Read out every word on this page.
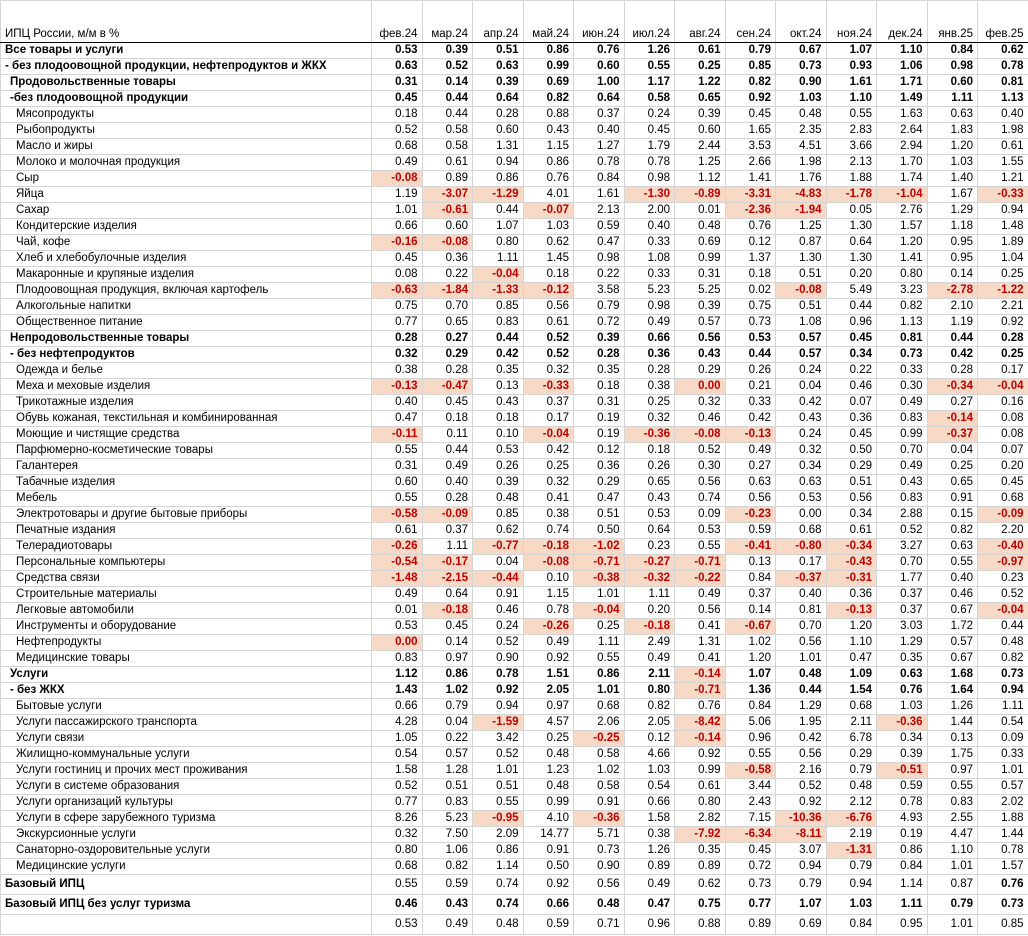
ИПЦ России, м/м в %	фев.24	мар.24	апр.24	май.24	июн.24	июл.24	авг.24	сен.24	окт.24	ноя.24	дек.24	янв.25	фев.25
Все товары и услуги	0.53	0.39	0.51	0.86	0.76	1.26	0.61	0.79	0.67	1.07	1.10	0.84	0.62
- без плодоовощной продукции, нефтепродуктов и ЖКХ	0.63	0.52	0.63	0.99	0.60	0.55	0.25	0.85	0.73	0.93	1.06	0.98	0.78
Продовольственные товары	0.31	0.14	0.39	0.69	1.00	1.17	1.22	0.82	0.90	1.61	1.71	0.60	0.81
-без плодоовощной продукции	0.45	0.44	0.64	0.82	0.64	0.58	0.65	0.92	1.03	1.10	1.49	1.11	1.13
Мясопродукты	0.18	0.44	0.28	0.88	0.37	0.24	0.39	0.45	0.48	0.55	1.63	0.63	0.40
Рыбопродукты	0.52	0.58	0.60	0.43	0.40	0.45	0.60	1.65	2.35	2.83	2.64	1.83	1.98
Масло и жиры	0.68	0.58	1.31	1.15	1.27	1.79	2.44	3.53	4.51	3.66	2.94	1.20	0.61
Молоко и молочная продукция	0.49	0.61	0.94	0.86	0.78	0.78	1.25	2.66	1.98	2.13	1.70	1.03	1.55
Сыр	-0.08	0.89	0.86	0.76	0.84	0.98	1.12	1.41	1.76	1.88	1.74	1.40	1.21
Яйца	1.19	-3.07	-1.29	4.01	1.61	-1.30	-0.89	-3.31	-4.83	-1.78	-1.04	1.67	-0.33
Сахар	1.01	-0.61	0.44	-0.07	2.13	2.00	0.01	-2.36	-1.94	0.05	2.76	1.29	0.94
Кондитерские изделия	0.66	0.60	1.07	1.03	0.59	0.40	0.48	0.76	1.25	1.30	1.57	1.18	1.48
Чай, кофе	-0.16	-0.08	0.80	0.62	0.47	0.33	0.69	0.12	0.87	0.64	1.20	0.95	1.89
Хлеб и хлебобулочные изделия	0.45	0.36	1.11	1.45	0.98	1.08	0.99	1.37	1.30	1.30	1.41	0.95	1.04
Макаронные и крупяные изделия	0.08	0.22	-0.04	0.18	0.22	0.33	0.31	0.18	0.51	0.20	0.80	0.14	0.25
Плодоовощная продукция, включая картофель	-0.63	-1.84	-1.33	-0.12	3.58	5.23	5.25	0.02	-0.08	5.49	3.23	-2.78	-1.22
Алкогольные напитки	0.75	0.70	0.85	0.56	0.79	0.98	0.39	0.75	0.51	0.44	0.82	2.10	2.21
Общественное питание	0.77	0.65	0.83	0.61	0.72	0.49	0.57	0.73	1.08	0.96	1.13	1.19	0.92
Непродовольственные товары	0.28	0.27	0.44	0.52	0.39	0.66	0.56	0.53	0.57	0.45	0.81	0.44	0.28
- без нефтепродуктов	0.32	0.29	0.42	0.52	0.28	0.36	0.43	0.44	0.57	0.34	0.73	0.42	0.25
Одежда и белье	0.38	0.28	0.35	0.32	0.35	0.28	0.29	0.26	0.24	0.22	0.33	0.28	0.17
Меха и меховые изделия	-0.13	-0.47	0.13	-0.33	0.18	0.38	0.00	0.21	0.04	0.46	0.30	-0.34	-0.04
Трикотажные изделия	0.40	0.45	0.43	0.37	0.31	0.25	0.32	0.33	0.42	0.07	0.49	0.27	0.16
Обувь кожаная, текстильная и комбинированная	0.47	0.18	0.18	0.17	0.19	0.32	0.46	0.42	0.43	0.36	0.83	-0.14	0.08
Моющие и чистящие средства	-0.11	0.11	0.10	-0.04	0.19	-0.36	-0.08	-0.13	0.24	0.45	0.99	-0.37	0.08
Парфюмерно-косметические товары	0.55	0.44	0.53	0.42	0.12	0.18	0.52	0.49	0.32	0.50	0.70	0.04	0.07
Галантерея	0.31	0.49	0.26	0.25	0.36	0.26	0.30	0.27	0.34	0.29	0.49	0.25	0.20
Табачные изделия	0.60	0.40	0.39	0.32	0.29	0.65	0.56	0.63	0.63	0.51	0.43	0.65	0.45
Мебель	0.55	0.28	0.48	0.41	0.47	0.43	0.74	0.56	0.53	0.56	0.83	0.91	0.68
Электротовары и другие бытовые приборы	-0.58	-0.09	0.85	0.38	0.51	0.53	0.09	-0.23	0.00	0.34	2.88	0.15	-0.09
Печатные издания	0.61	0.37	0.62	0.74	0.50	0.64	0.53	0.59	0.68	0.61	0.52	0.82	2.20
Телерадиотовары	-0.26	1.11	-0.77	-0.18	-1.02	0.23	0.55	-0.41	-0.80	-0.34	3.27	0.63	-0.40
Персональные компьютеры	-0.54	-0.17	0.04	-0.08	-0.71	-0.27	-0.71	0.13	0.17	-0.43	0.70	0.55	-0.97
Средства связи	-1.48	-2.15	-0.44	0.10	-0.38	-0.32	-0.22	0.84	-0.37	-0.31	1.77	0.40	0.23
Строительные материалы	0.49	0.64	0.91	1.15	1.01	1.11	0.49	0.37	0.40	0.36	0.37	0.46	0.52
Легковые автомобили	0.01	-0.18	0.46	0.78	-0.04	0.20	0.56	0.14	0.81	-0.13	0.37	0.67	-0.04
Инструменты и оборудование	0.53	0.45	0.24	-0.26	0.25	-0.18	0.41	-0.67	0.70	1.20	3.03	1.72	0.44
Нефтепродукты	0.00	0.14	0.52	0.49	1.11	2.49	1.31	1.02	0.56	1.10	1.29	0.57	0.48
Медицинские товары	0.83	0.97	0.90	0.92	0.55	0.49	0.41	1.20	1.01	0.47	0.35	0.67	0.82
Услуги	1.12	0.86	0.78	1.51	0.86	2.11	-0.14	1.07	0.48	1.09	0.63	1.68	0.73
- без ЖКХ	1.43	1.02	0.92	2.05	1.01	0.80	-0.71	1.36	0.44	1.54	0.76	1.64	0.94
Бытовые услуги	0.66	0.79	0.94	0.97	0.68	0.82	0.76	0.84	1.29	0.68	1.03	1.26	1.11
Услуги пассажирского транспорта	4.28	0.04	-1.59	4.57	2.06	2.05	-8.42	5.06	1.95	2.11	-0.36	1.44	0.54
Услуги связи	1.05	0.22	3.42	0.25	-0.25	0.12	-0.14	0.96	0.42	6.78	0.34	0.13	0.09
Жилищно-коммунальные услуги	0.54	0.57	0.52	0.48	0.58	4.66	0.92	0.55	0.56	0.29	0.39	1.75	0.33
Услуги гостиниц и прочих мест проживания	1.58	1.28	1.01	1.23	1.02	1.03	0.99	-0.58	2.16	0.79	-0.51	0.97	1.01
Услуги в системе образования	0.52	0.51	0.51	0.48	0.58	0.54	0.61	3.44	0.52	0.48	0.59	0.55	0.57
Услуги организаций культуры	0.77	0.83	0.55	0.99	0.91	0.66	0.80	2.43	0.92	2.12	0.78	0.83	2.02
Услуги в сфере зарубежного туризма	8.26	5.23	-0.95	4.10	-0.36	1.58	2.82	7.15	-10.36	-6.76	4.93	2.55	1.88
Экскурсионные услуги	0.32	7.50	2.09	14.77	5.71	0.38	-7.92	-6.34	-8.11	2.19	0.19	4.47	1.44
Санаторно-оздоровительные услуги	0.80	1.06	0.86	0.91	0.73	1.26	0.35	0.45	3.07	-1.31	0.86	1.10	0.78
Медицинские услуги	0.68	0.82	1.14	0.50	0.90	0.89	0.89	0.72	0.94	0.79	0.84	1.01	1.57
Базовый ИПЦ	0.55	0.59	0.74	0.92	0.56	0.49	0.62	0.73	0.79	0.94	1.14	0.87	0.76
Базовый ИПЦ без услуг туризма	0.46	0.43	0.74	0.66	0.48	0.47	0.75	0.77	1.07	1.03	1.11	0.79	0.73
	0.53	0.49	0.48	0.59	0.71	0.96	0.88	0.89	0.69	0.84	0.95	1.01	0.85
